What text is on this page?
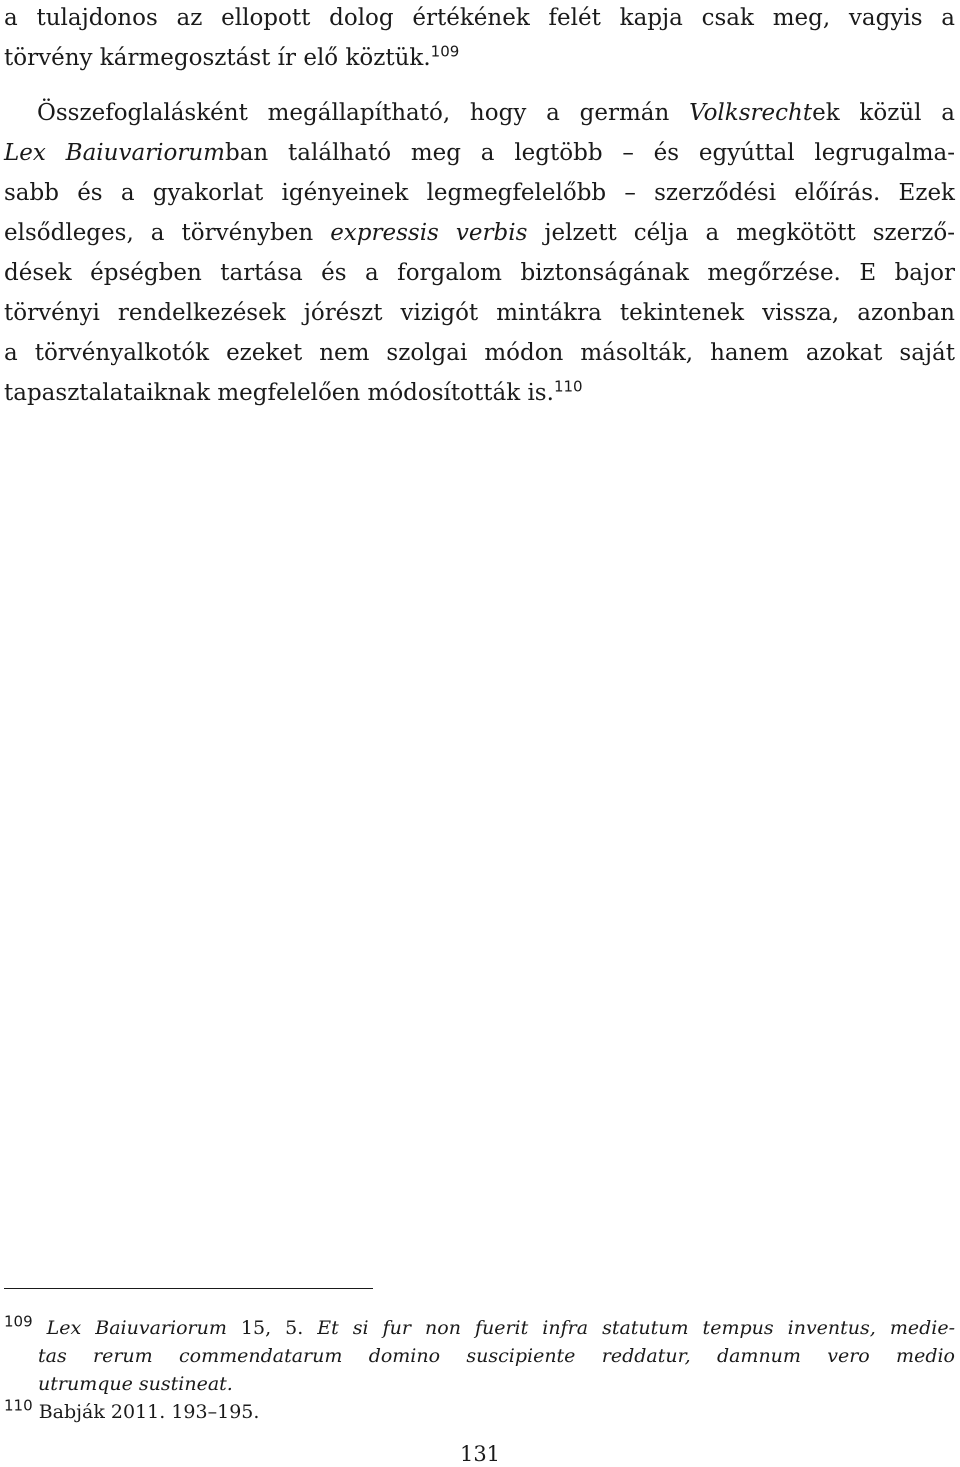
a tulajdonos az ellopott dolog értékének felét kapja csak meg, vagyis a
törvény kármegosztást ír elő köztük.$^{109}$
Összefoglalásként megállapítható, hogy a germán Volksrechtek közül a
Lex Baiuvariorumban található meg a legtöbb – és egyúttal legrugalma-
sabb és a gyakorlat igényeinek legmegfelelőbb – szerződési előírás. Ezek
elsődleges, a törvényben expressis verbis jelzett célja a megkötött szerző-
dések épségben tartása és a forgalom biztonságának megőrzése. E bajor
törvényi rendelkezések jórészt vizigót mintákra tekintenek vissza, azonban
a törvényalkotók ezeket nem szolgai módon másolták, hanem azokat saját
tapasztalataiknak megfelelően módosították is.$^{110}$
$^{109}$ Lex Baiuvariorum 15, 5. Et si fur non fuerit infra statutum tempus inventus, medie-
tas rerum commendatarum domino suscipiente reddatur, damnum vero medio
utrumque sustineat.
$^{110}$ Babják 2011. 193–195.
131
